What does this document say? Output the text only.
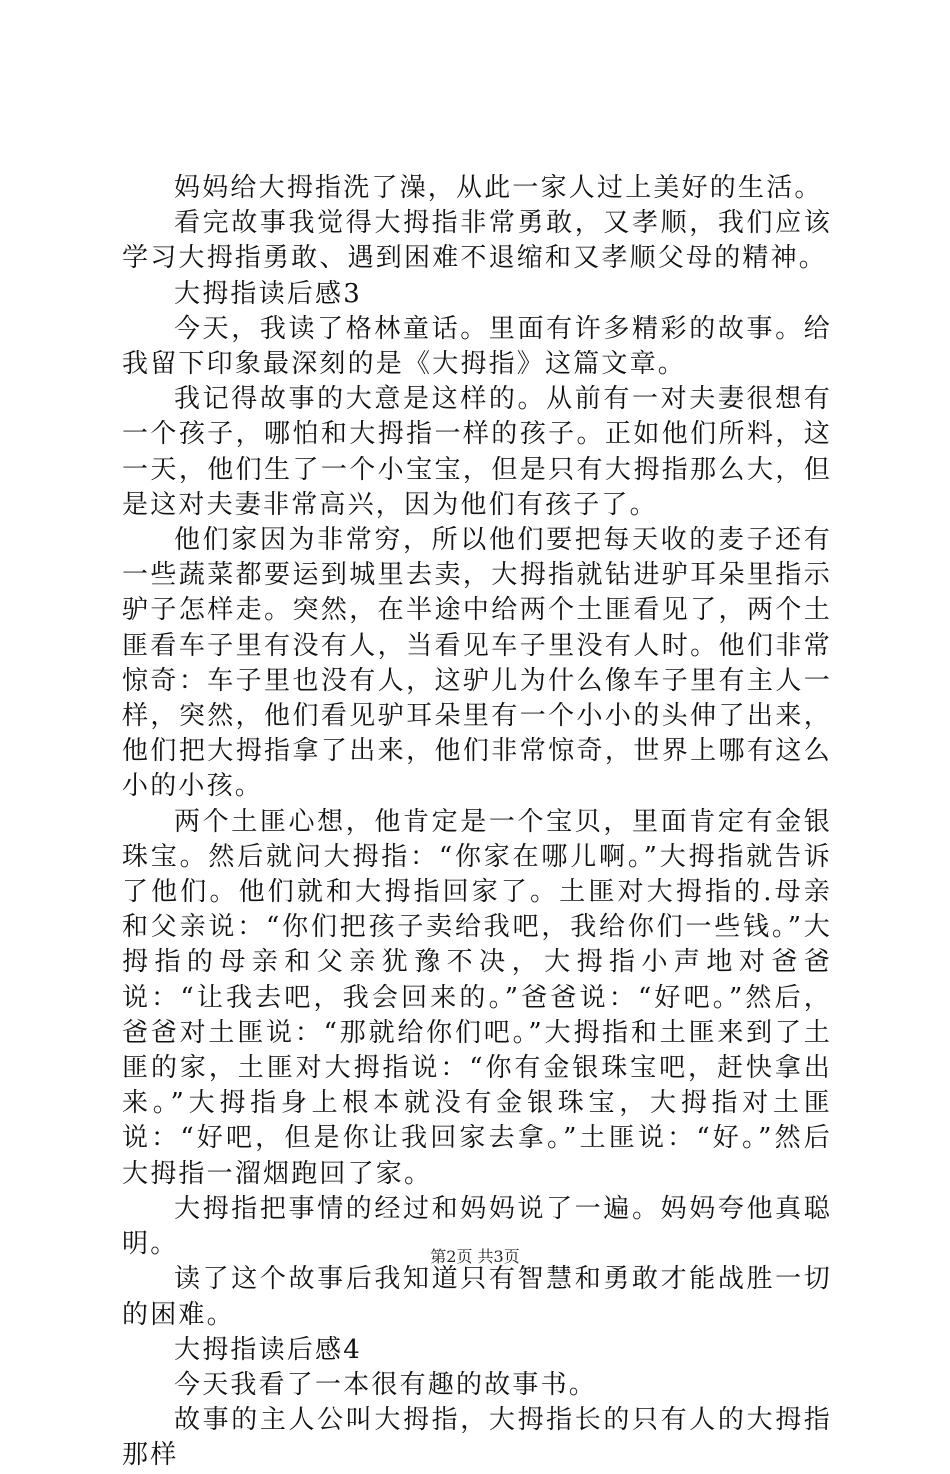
妈妈给大拇指洗了澡，从此一家人过上美好的生活。

看完故事我觉得大拇指非常勇敢，又孝顺，我们应该学习大拇指勇敢、遇到困难不退缩和又孝顺父母的精神。

大拇指读后感3

今天，我读了格林童话。里面有许多精彩的故事。给我留下印象最深刻的是《大拇指》这篇文章。

我记得故事的大意是这样的。从前有一对夫妻很想有一个孩子，哪怕和大拇指一样的孩子。正如他们所料，这一天，他们生了一个小宝宝，但是只有大拇指那么大，但是这对夫妻非常高兴，因为他们有孩子了。

他们家因为非常穷，所以他们要把每天收的麦子还有一些蔬菜都要运到城里去卖，大拇指就钻进驴耳朵里指示驴子怎样走。突然，在半途中给两个土匪看见了，两个土匪看车子里有没有人，当看见车子里没有人时。他们非常惊奇：车子里也没有人，这驴儿为什么像车子里有主人一样，突然，他们看见驴耳朵里有一个小小的头伸了出来，他们把大拇指拿了出来，他们非常惊奇，世界上哪有这么小的小孩。

两个土匪心想，他肯定是一个宝贝，里面肯定有金银珠宝。然后就问大拇指：“你家在哪儿啊。”大拇指就告诉了他们。他们就和大拇指回家了。土匪对大拇指的.母亲和父亲说：“你们把孩子卖给我吧，我给你们一些钱。”大拇指的母亲和父亲犹豫不决，大拇指小声地对爸爸说：“让我去吧，我会回来的。”爸爸说：“好吧。”然后，爸爸对土匪说：“那就给你们吧。”大拇指和土匪来到了土匪的家，土匪对大拇指说：“你有金银珠宝吧，赶快拿出来。”大拇指身上根本就没有金银珠宝，大拇指对土匪说：“好吧，但是你让我回家去拿。”土匪说：“好。”然后大拇指一溜烟跑回了家。

大拇指把事情的经过和妈妈说了一遍。妈妈夸他真聪明。

读了这个故事后我知道只有智慧和勇敢才能战胜一切的困难。

大拇指读后感4

今天我看了一本很有趣的故事书。

故事的主人公叫大拇指，大拇指长的只有人的大拇指那样

第2页 共3页
